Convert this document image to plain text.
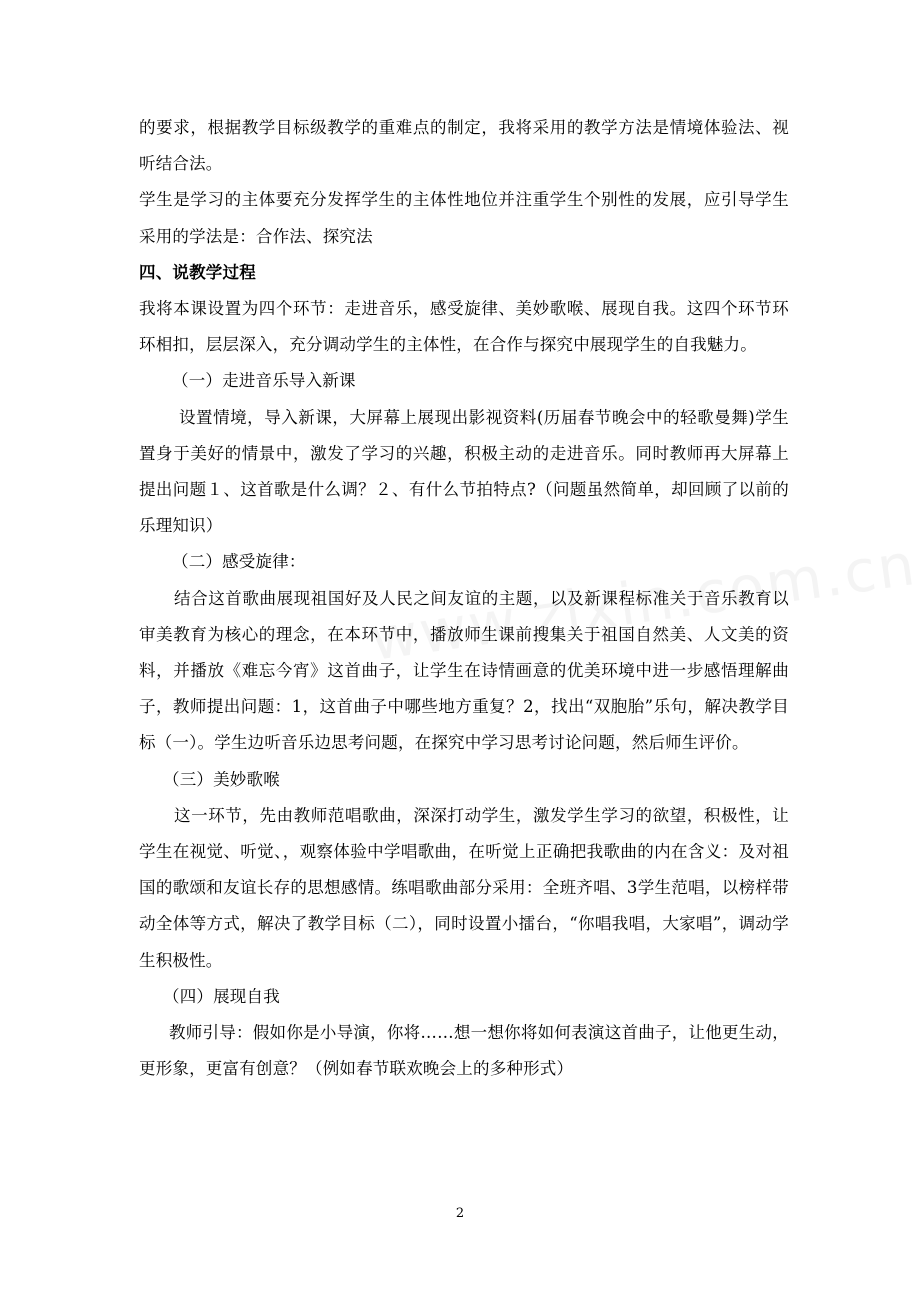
的要求，根据教学目标级教学的重难点的制定，我将采用的教学方法是情境体验法、视听结合法。

学生是学习的主体要充分发挥学生的主体性地位并注重学生个别性的发展，应引导学生采用的学法是：合作法、探究法

四、说教学过程

我将本课设置为四个环节：走进音乐，感受旋律、美妙歌喉、展现自我。这四个环节环环相扣，层层深入，充分调动学生的主体性，在合作与探究中展现学生的自我魅力。

（一）走进音乐导入新课

设置情境，导入新课，大屏幕上展现出影视资料(历届春节晚会中的轻歌曼舞)学生置身于美好的情景中，激发了学习的兴趣，积极主动的走进音乐。同时教师再大屏幕上提出问题１、这首歌是什么调？２、有什么节拍特点?（问题虽然简单，却回顾了以前的乐理知识）

（二）感受旋律：

结合这首歌曲展现祖国好及人民之间友谊的主题，以及新课程标准关于音乐教育以审美教育为核心的理念，在本环节中，播放师生课前搜集关于祖国自然美、人文美的资料，并播放《难忘今宵》这首曲子，让学生在诗情画意的优美环境中进一步感悟理解曲子，教师提出问题：1，这首曲子中哪些地方重复？2，找出“双胞胎”乐句，解决教学目标（一）。学生边听音乐边思考问题，在探究中学习思考讨论问题，然后师生评价。

（三）美妙歌喉

这一环节，先由教师范唱歌曲，深深打动学生，激发学生学习的欲望，积极性，让学生在视觉、听觉、，观察体验中学唱歌曲，在听觉上正确把我歌曲的内在含义：及对祖国的歌颂和友谊长存的思想感情。练唱歌曲部分采用：全班齐唱、3学生范唱，以榜样带动全体等方式，解决了教学目标（二），同时设置小擂台，“你唱我唱，大家唱”，调动学生积极性。

（四）展现自我

教师引导：假如你是小导演，你将……想一想你将如何表演这首曲子，让他更生动，更形象，更富有创意？（例如春节联欢晚会上的多种形式）

2
